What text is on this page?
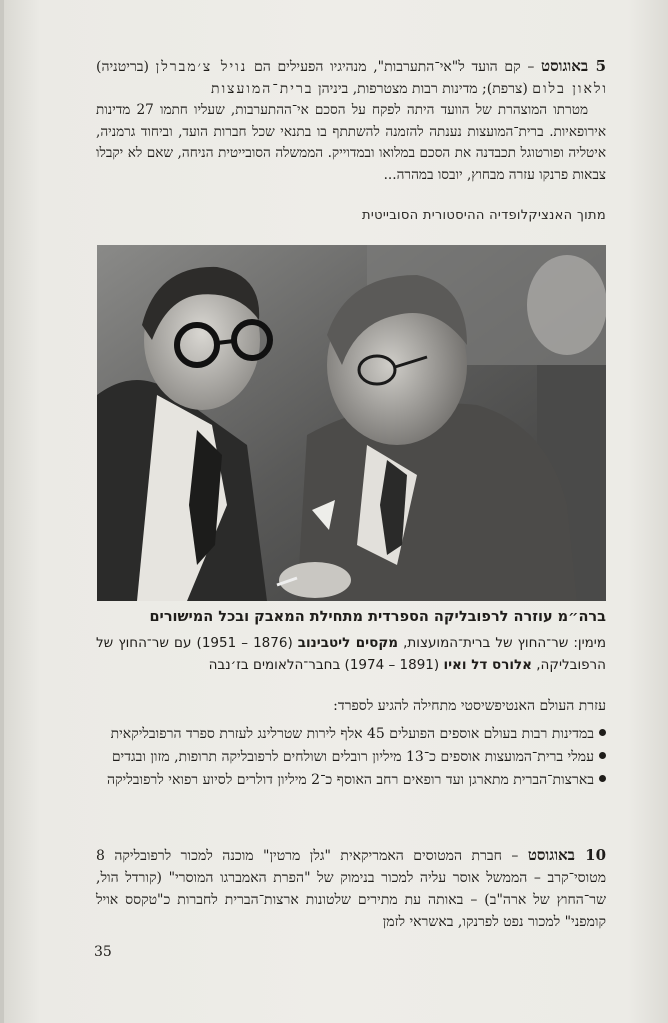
5 באוגוסט – קם הועד ל"אי־התערבות", מנהיגיו הפעילים הם נויל צ׳מברלן (בריטניה) ולאון בלום (צרפת); מדינות רבות מצטרפות, ביניהן ברית־המועצות
מטרתו המוצהרת של הוועד היתה לפקח על הסכם אי־ההתערבות, שעליו חתמו 27 מדינות אירופאיות. ברית־המועצות נענתה להזמנה להשתתף בו בתנאי שכל חברות הועד, וביחוד גרמניה, איטליה ופורטוגל תכבדנה את הסכם במלואו ובמדוייק. הממשלה הסובייטית הניחה, שאם לא יקבלו צבאות פרנקו עזרה מבחוץ, יובסו במהרה...
מתוך האנציקלופדיה ההיסטורית הסובייטית
ברה״מ עוזרה לרפובליקה הספרדית מתחילת המאבק ובכל המישורים
מימין: שר־החוץ של ברית־המועצות, מקסים ליטבינוב (1876 – 1951) עם שר־החוץ של הרפובליקה, אלורס דל ואיו (1891 – 1974) בחבר־הלאומים בז׳נבה
עזרת העולם האנטיפשיסטי מתחילה להגיע לספרד:
במדינות רבות בעולם אוספים הפועלים 45 אלף לירות שטרלינג לעזרת ספרד הרפובליקאית
עמלי ברית־המועצות אוספים כ־13 מיליון רובלים ושולחים לרפובליקה תרופות, מזון ובגדים
בארצות־הברית מתארגן ועד רופאים רחב האוסף כ־2 מיליון דולרים לסיוע רפואי לרפובליקה
10 באוגוסט – חברת המטוסים האמריקאית "גלן מרטין" מוכנה למכור לרפובליקה 8 מטוסי־קרב – הממשל אוסר עליה למכור בנימוק של "הפרת האמברגו המוסרי" (קורדל הול, שר־החוץ של ארה"ב) – באותה עת מתירים שלטונות ארצות־הברית לחברות כ"טקסס אויל קומפני" למכור נפט לפרנקו, באשראי לזמן
35
